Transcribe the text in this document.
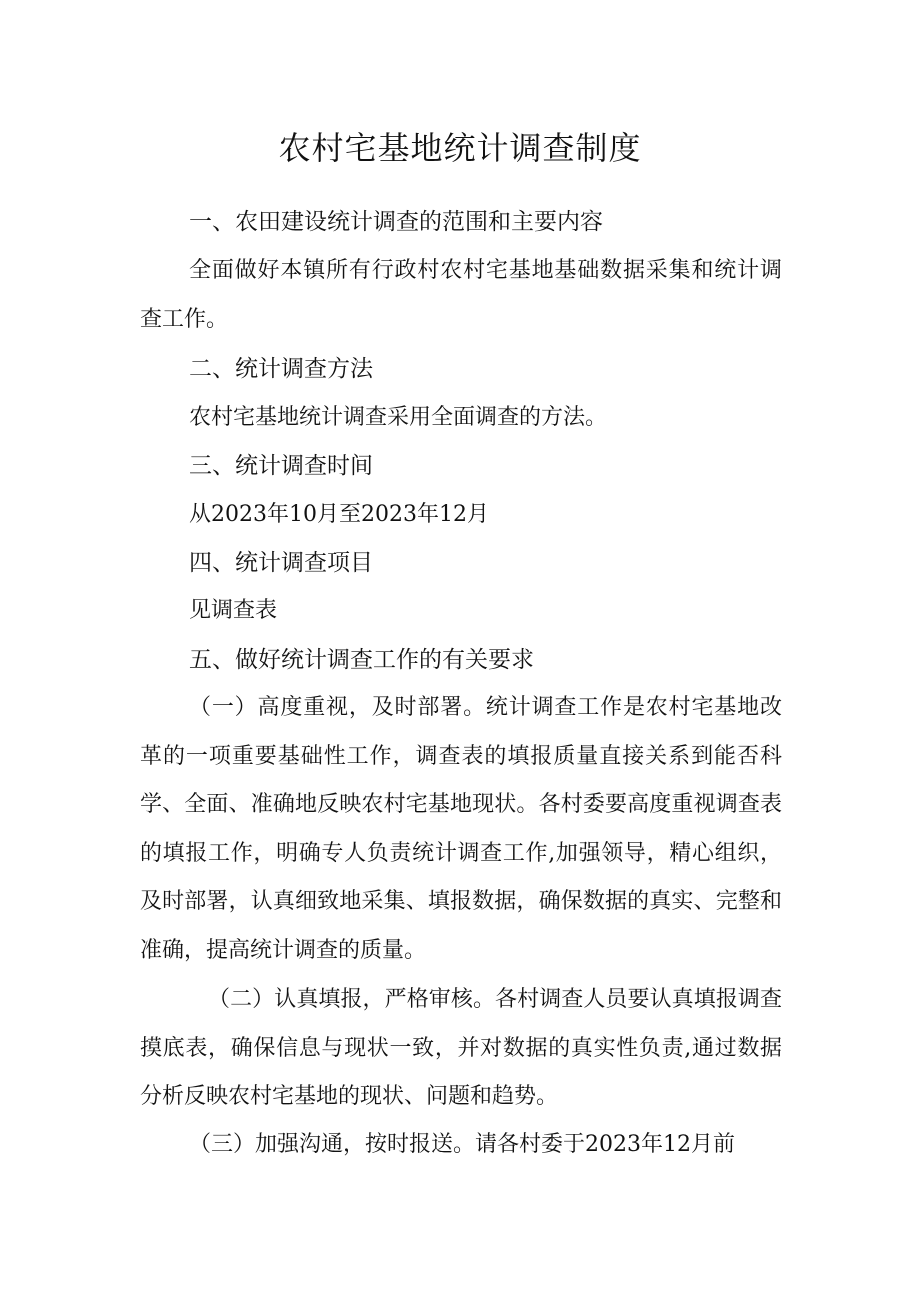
农村宅基地统计调查制度
一、农田建设统计调查的范围和主要内容
全面做好本镇所有行政村农村宅基地基础数据采集和统计调查工作。
二、统计调查方法
农村宅基地统计调查采用全面调查的方法。
三、统计调查时间
从2023年10月至2023年12月
四、统计调查项目
见调查表
五、做好统计调查工作的有关要求
（一）高度重视，及时部署。统计调查工作是农村宅基地改革的一项重要基础性工作，调查表的填报质量直接关系到能否科学、全面、准确地反映农村宅基地现状。各村委要高度重视调查表的填报工作，明确专人负责统计调查工作,加强领导，精心组织，及时部署，认真细致地采集、填报数据，确保数据的真实、完整和准确，提高统计调查的质量。
（二）认真填报，严格审核。各村调查人员要认真填报调查摸底表，确保信息与现状一致，并对数据的真实性负责,通过数据分析反映农村宅基地的现状、问题和趋势。
（三）加强沟通，按时报送。请各村委于2023年12月前
